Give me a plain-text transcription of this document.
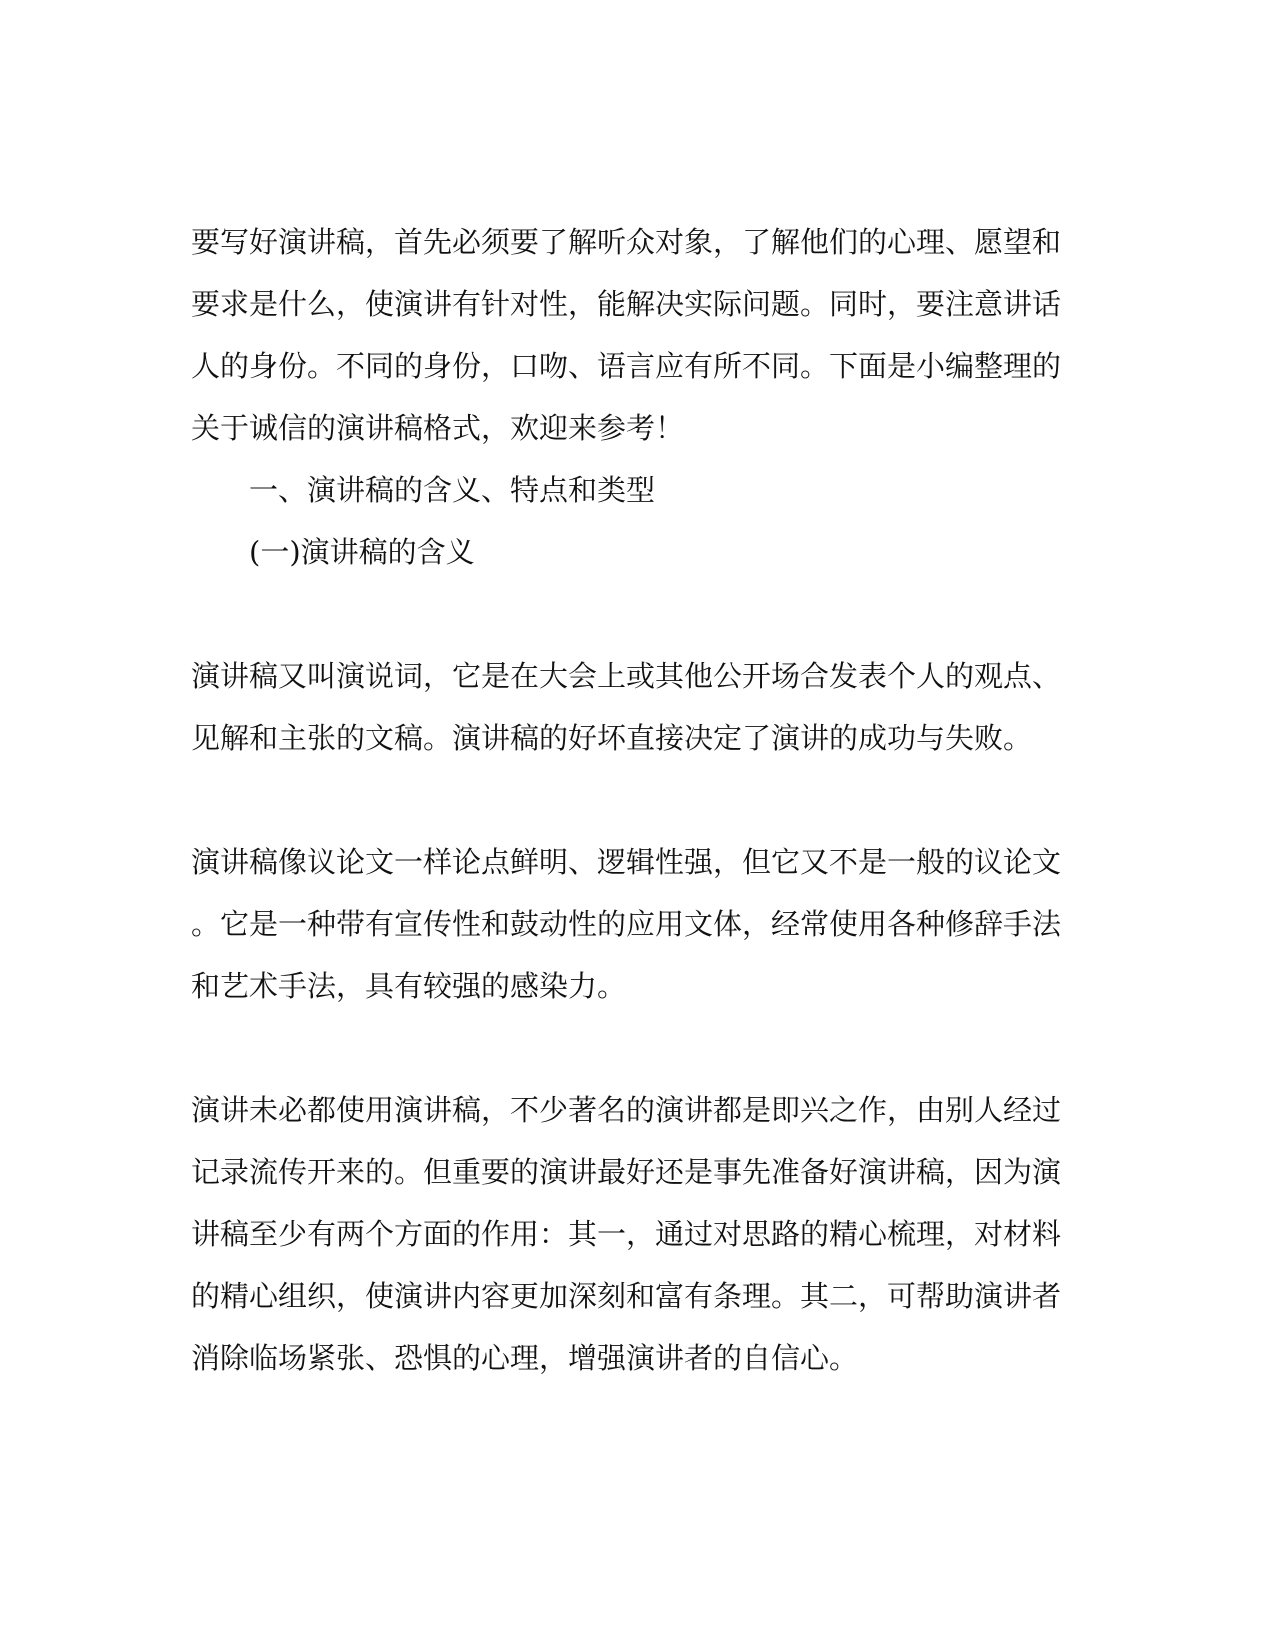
要写好演讲稿，首先必须要了解听众对象，了解他们的心理、愿望和
要求是什么，使演讲有针对性，能解决实际问题。同时，要注意讲话
人的身份。不同的身份，口吻、语言应有所不同。下面是小编整理的
关于诚信的演讲稿格式，欢迎来参考！
一、演讲稿的含义、特点和类型
(一)演讲稿的含义
演讲稿又叫演说词，它是在大会上或其他公开场合发表个人的观点、
见解和主张的文稿。演讲稿的好坏直接决定了演讲的成功与失败。
演讲稿像议论文一样论点鲜明、逻辑性强，但它又不是一般的议论文
。它是一种带有宣传性和鼓动性的应用文体，经常使用各种修辞手法
和艺术手法，具有较强的感染力。
演讲未必都使用演讲稿，不少著名的演讲都是即兴之作，由别人经过
记录流传开来的。但重要的演讲最好还是事先准备好演讲稿，因为演
讲稿至少有两个方面的作用：其一，通过对思路的精心梳理，对材料
的精心组织，使演讲内容更加深刻和富有条理。其二，可帮助演讲者
消除临场紧张、恐惧的心理，增强演讲者的自信心。
